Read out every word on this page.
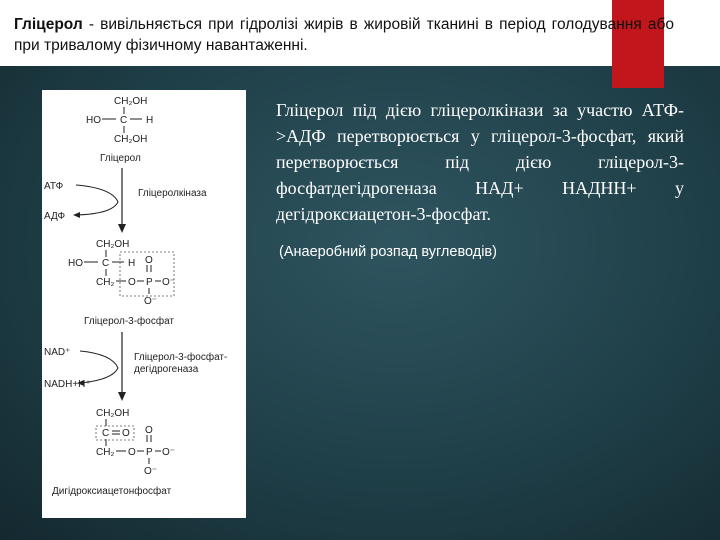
Гліцерол - вивільняється при гідролізі жирів в жировій тканині в період голодування або при тривалому фізичному навантаженні.
CH₂OH
HO C H
CH₂OH
Гліцерол
АТФ
АДФ
Гліцеролкіназа
CH₂OH
HO C H
CH₂ O P
O
O⁻
O⁻
Гліцерол-3-фосфат
NAD⁺
NADH+H⁺
Гліцерол-3-фосфат-
дегідрогеназа
CH₂OH
C O
CH₂ O P
O
O⁻
O⁻
Дигідроксиацетонфосфат
Гліцерол під дією гліцеролкінази за участю АТФ->АДФ перетворюється у гліцерол-3-фосфат, який перетворюється під дією гліцерол-3-фосфатдегідрогеназа НАД+ НАДНН+ у дегідроксиацетон-3-фосфат.
(Анаеробний розпад вуглеводів)
